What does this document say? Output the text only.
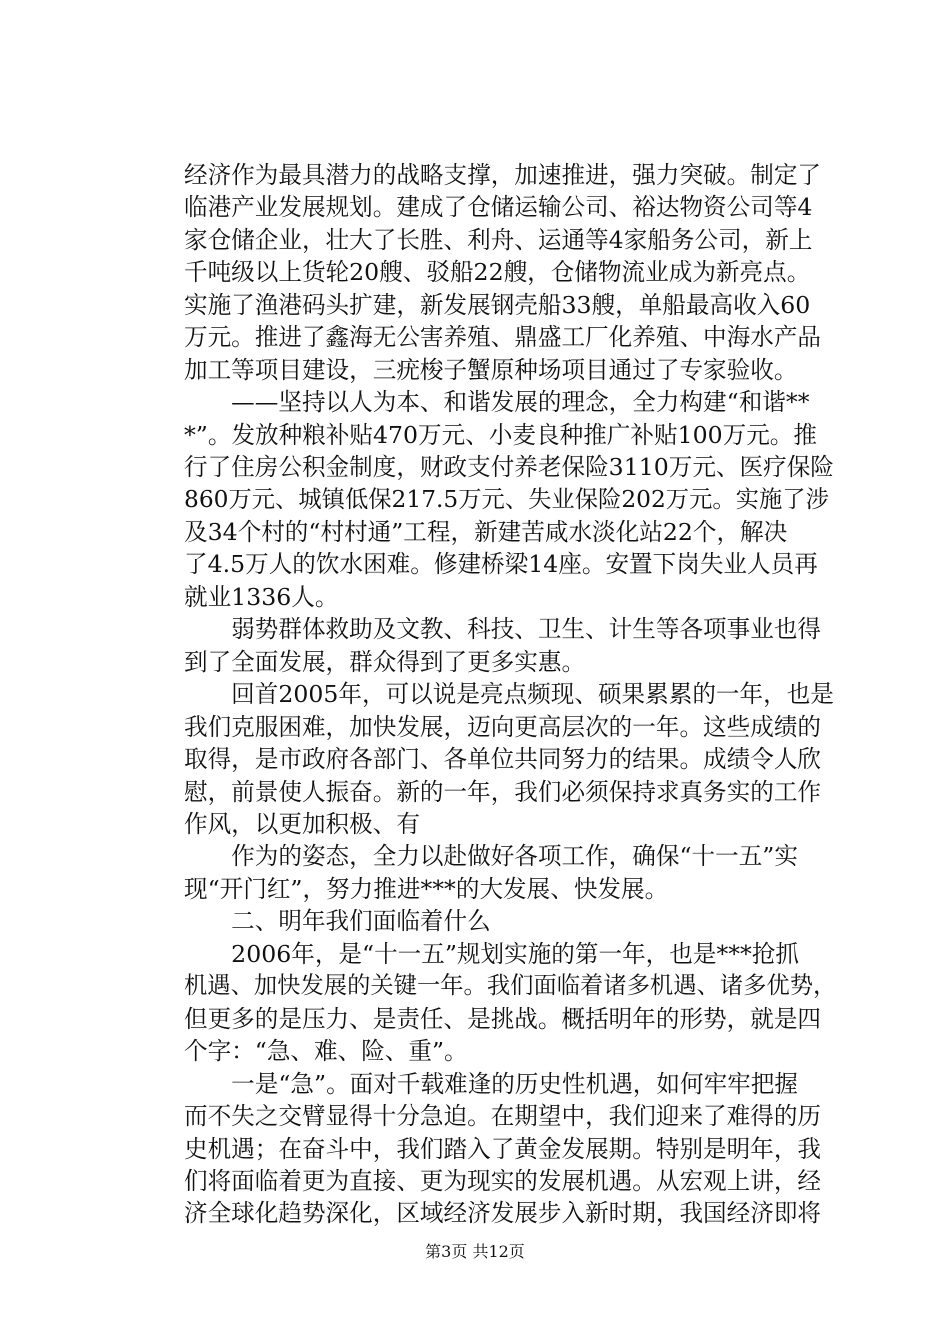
经济作为最具潜力的战略支撑，加速推进，强力突破。制定了
临港产业发展规划。建成了仓储运输公司、裕达物资公司等4
家仓储企业，壮大了长胜、利舟、运通等4家船务公司，新上
千吨级以上货轮20艘、驳船22艘，仓储物流业成为新亮点。
实施了渔港码头扩建，新发展钢壳船33艘，单船最高收入60
万元。推进了鑫海无公害养殖、鼎盛工厂化养殖、中海水产品
加工等项目建设，三疣梭子蟹原种场项目通过了专家验收。
　　——坚持以人为本、和谐发展的理念，全力构建“和谐**
*”。发放种粮补贴470万元、小麦良种推广补贴100万元。推
行了住房公积金制度，财政支付养老保险3110万元、医疗保险
860万元、城镇低保217.5万元、失业保险202万元。实施了涉
及34个村的“村村通”工程，新建苦咸水淡化站22个，解决
了4.5万人的饮水困难。修建桥梁14座。安置下岗失业人员再
就业1336人。
　　弱势群体救助及文教、科技、卫生、计生等各项事业也得
到了全面发展，群众得到了更多实惠。
　　回首2005年，可以说是亮点频现、硕果累累的一年，也是
我们克服困难，加快发展，迈向更高层次的一年。这些成绩的
取得，是市政府各部门、各单位共同努力的结果。成绩令人欣
慰，前景使人振奋。新的一年，我们必须保持求真务实的工作
作风，以更加积极、有
　　作为的姿态，全力以赴做好各项工作，确保“十一五”实
现“开门红”，努力推进***的大发展、快发展。
　　二、明年我们面临着什么
　　2006年，是“十一五”规划实施的第一年，也是***抢抓
机遇、加快发展的关键一年。我们面临着诸多机遇、诸多优势，
但更多的是压力、是责任、是挑战。概括明年的形势，就是四
个字：“急、难、险、重”。
　　一是“急”。面对千载难逢的历史性机遇，如何牢牢把握
而不失之交臂显得十分急迫。在期望中，我们迎来了难得的历
史机遇；在奋斗中，我们踏入了黄金发展期。特别是明年，我
们将面临着更为直接、更为现实的发展机遇。从宏观上讲，经
济全球化趋势深化，区域经济发展步入新时期，我国经济即将
第3页 共12页
